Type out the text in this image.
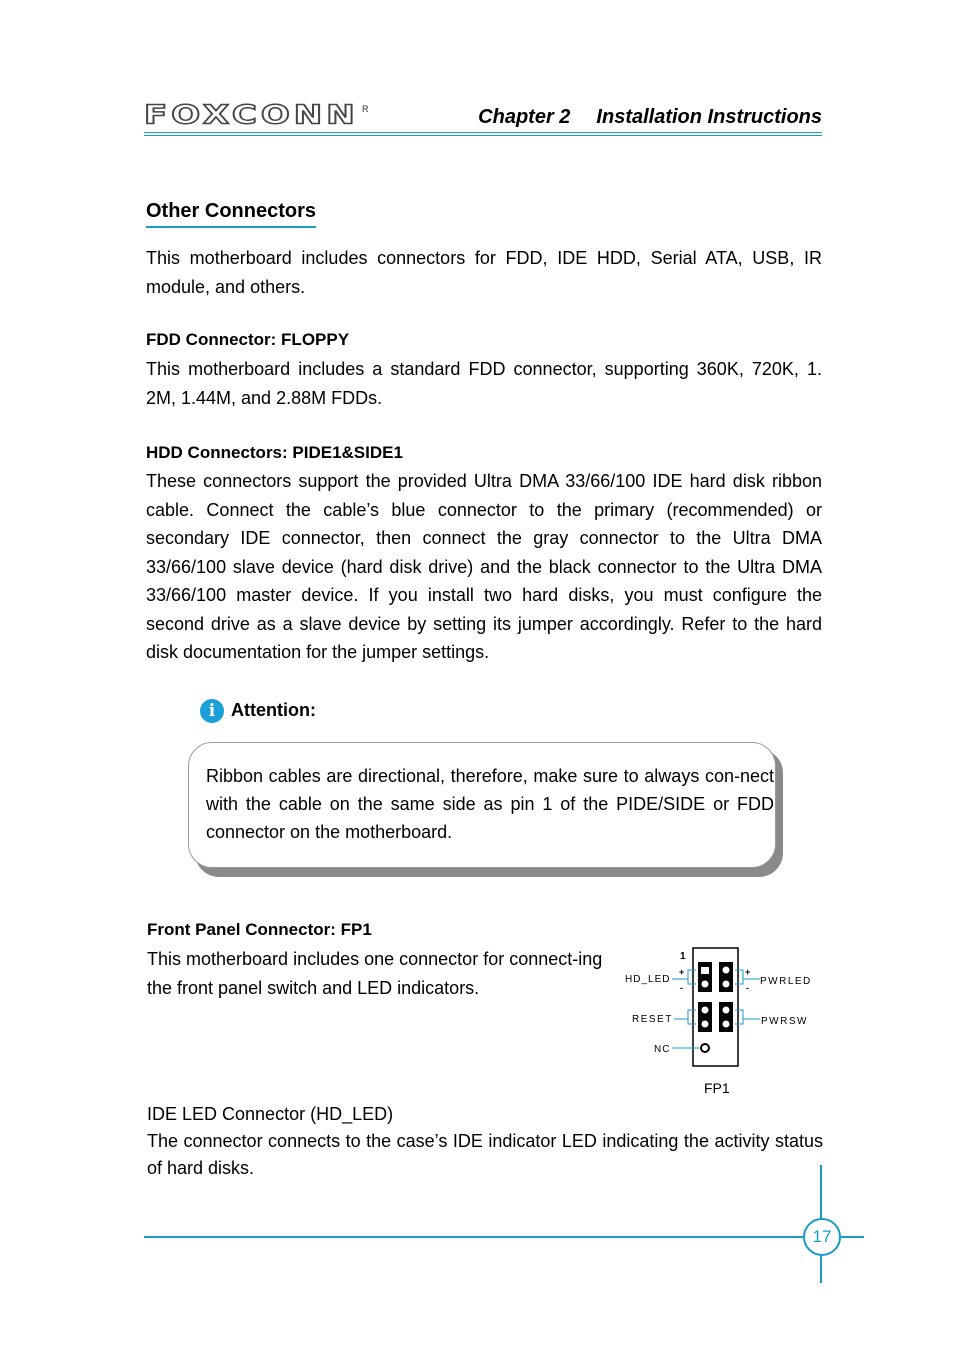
FOXCONN R	Chapter 2 Installation Instructions
Other Connectors
This motherboard includes connectors for FDD, IDE HDD, Serial ATA, USB, IR module, and others.
FDD Connector: FLOPPY
This motherboard includes a standard FDD connector, supporting 360K, 720K, 1. 2M, 1.44M, and 2.88M FDDs.
HDD Connectors: PIDE1&SIDE1
These connectors support the provided Ultra DMA 33/66/100 IDE hard disk ribbon cable. Connect the cable’s blue connector to the primary (recommended) or secondary IDE connector, then connect the gray connector to the Ultra DMA 33/66/100 slave device (hard disk drive) and the black connector to the Ultra DMA 33/66/100 master device. If you install two hard disks, you must configure the second drive as a slave device by setting its jumper accordingly. Refer to the hard disk documentation for the jumper settings.
i Attention:
Ribbon cables are directional, therefore, make sure to always con-nect with the cable on the same side as pin 1 of the PIDE/SIDE or FDD connector on the motherboard.
Front Panel Connector: FP1
This motherboard includes one connector for connect-ing the front panel switch and LED indicators.
1
+
-
+
-
HD_LED
RESET
NC
PWRLED
PWRSW
FP1
IDE LED Connector (HD_LED)
The connector connects to the case’s IDE indicator LED indicating the activity status of hard disks.
17
